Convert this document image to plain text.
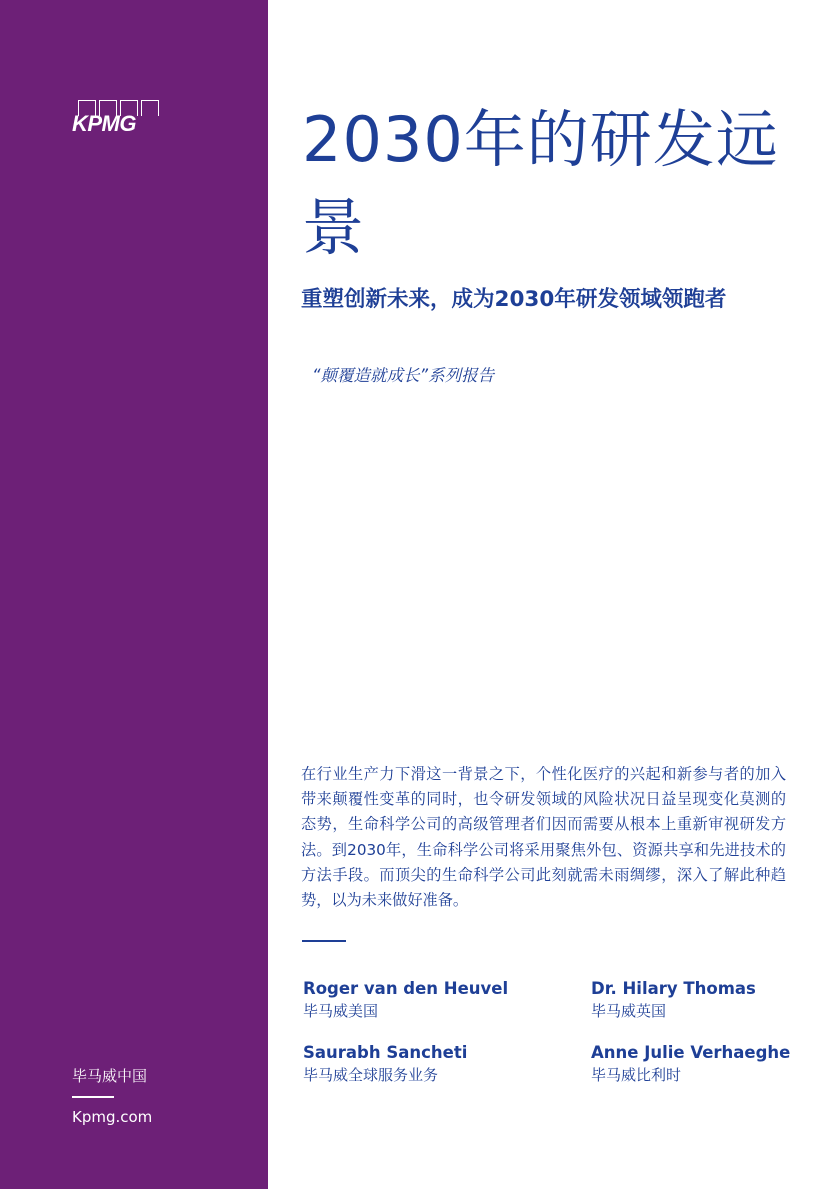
KPMG
毕马威中国
Kpmg.com
2030年的研发远景
重塑创新未来，成为2030年研发领域领跑者
“颠覆造就成长”系列报告

在行业生产力下滑这一背景之下，个性化医疗的兴起和新参与者的加入带来颠覆性变革的同时，也令研发领域的风险状况日益呈现变化莫测的态势，生命科学公司的高级管理者们因而需要从根本上重新审视研发方法。到2030年，生命科学公司将采用聚焦外包、资源共享和先进技术的方法手段。而顶尖的生命科学公司此刻就需未雨绸缪，深入了解此种趋势，以为未来做好准备。

Roger van den Heuvel
毕马威美国
Dr. Hilary Thomas
毕马威英国
Saurabh Sancheti
毕马威全球服务业务
Anne Julie Verhaeghe
毕马威比利时
